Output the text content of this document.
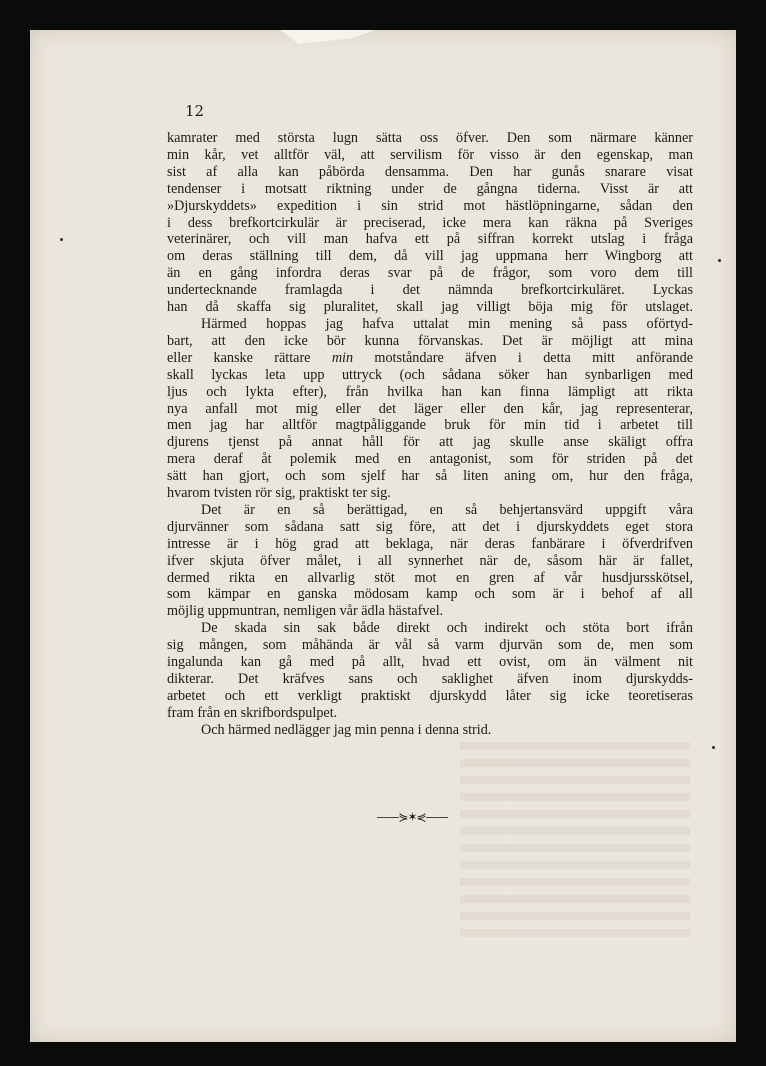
12
kamrater med största lugn sätta oss öfver. Den som närmare känner
min kår, vet alltför väl, att servilism för visso är den egenskap, man
sist af alla kan påbörda densamma. Den har gunås snarare visat
tendenser i motsatt riktning under de gångna tiderna. Visst är att
»Djurskyddets» expedition i sin strid mot hästlöpningarne, sådan den
i dess brefkortcirkulär är preciserad, icke mera kan räkna på Sveriges
veterinärer, och vill man hafva ett på siffran korrekt utslag i fråga
om deras ställning till dem, då vill jag uppmana herr Wingborg att
än en gång infordra deras svar på de frågor, som voro dem till
undertecknande framlagda i det nämnda brefkortcirkuläret. Lyckas
han då skaffa sig pluralitet, skall jag villigt böja mig för utslaget.
Härmed hoppas jag hafva uttalat min mening så pass oförtyd-
bart, att den icke bör kunna förvanskas. Det är möjligt att mina
eller kanske rättare min motståndare äfven i detta mitt anförande
skall lyckas leta upp uttryck (och sådana söker han synbarligen med
ljus och lykta efter), från hvilka han kan finna lämpligt att rikta
nya anfall mot mig eller det läger eller den kår, jag representerar,
men jag har alltför magtpåliggande bruk för min tid i arbetet till
djurens tjenst på annat håll för att jag skulle anse skäligt offra
mera deraf åt polemik med en antagonist, som för striden på det
sätt han gjort, och som sjelf har så liten aning om, hur den fråga,
hvarom tvisten rör sig, praktiskt ter sig.
Det är en så berättigad, en så behjertansvärd uppgift våra
djurvänner som sådana satt sig före, att det i djurskyddets eget stora
intresse är i hög grad att beklaga, när deras fanbärare i öfverdrifven
ifver skjuta öfver målet, i all synnerhet när de, såsom här är fallet,
dermed rikta en allvarlig stöt mot en gren af vår husdjursskötsel,
som kämpar en ganska mödosam kamp och som är i behof af all
möjlig uppmuntran, nemligen vår ädla hästafvel.
De skada sin sak både direkt och indirekt och stöta bort ifrån
sig mången, som måhända är vål så varm djurvän som de, men som
ingalunda kan gå med på allt, hvad ett ovist, om än välment nit
dikterar. Det kräfves sans och saklighet äfven inom djurskydds-
arbetet och ett verkligt praktiskt djurskydd låter sig icke teoretiseras
fram från en skrifbordspulpet.
Och härmed nedlägger jag min penna i denna strid.
——⋟✶⋞——
